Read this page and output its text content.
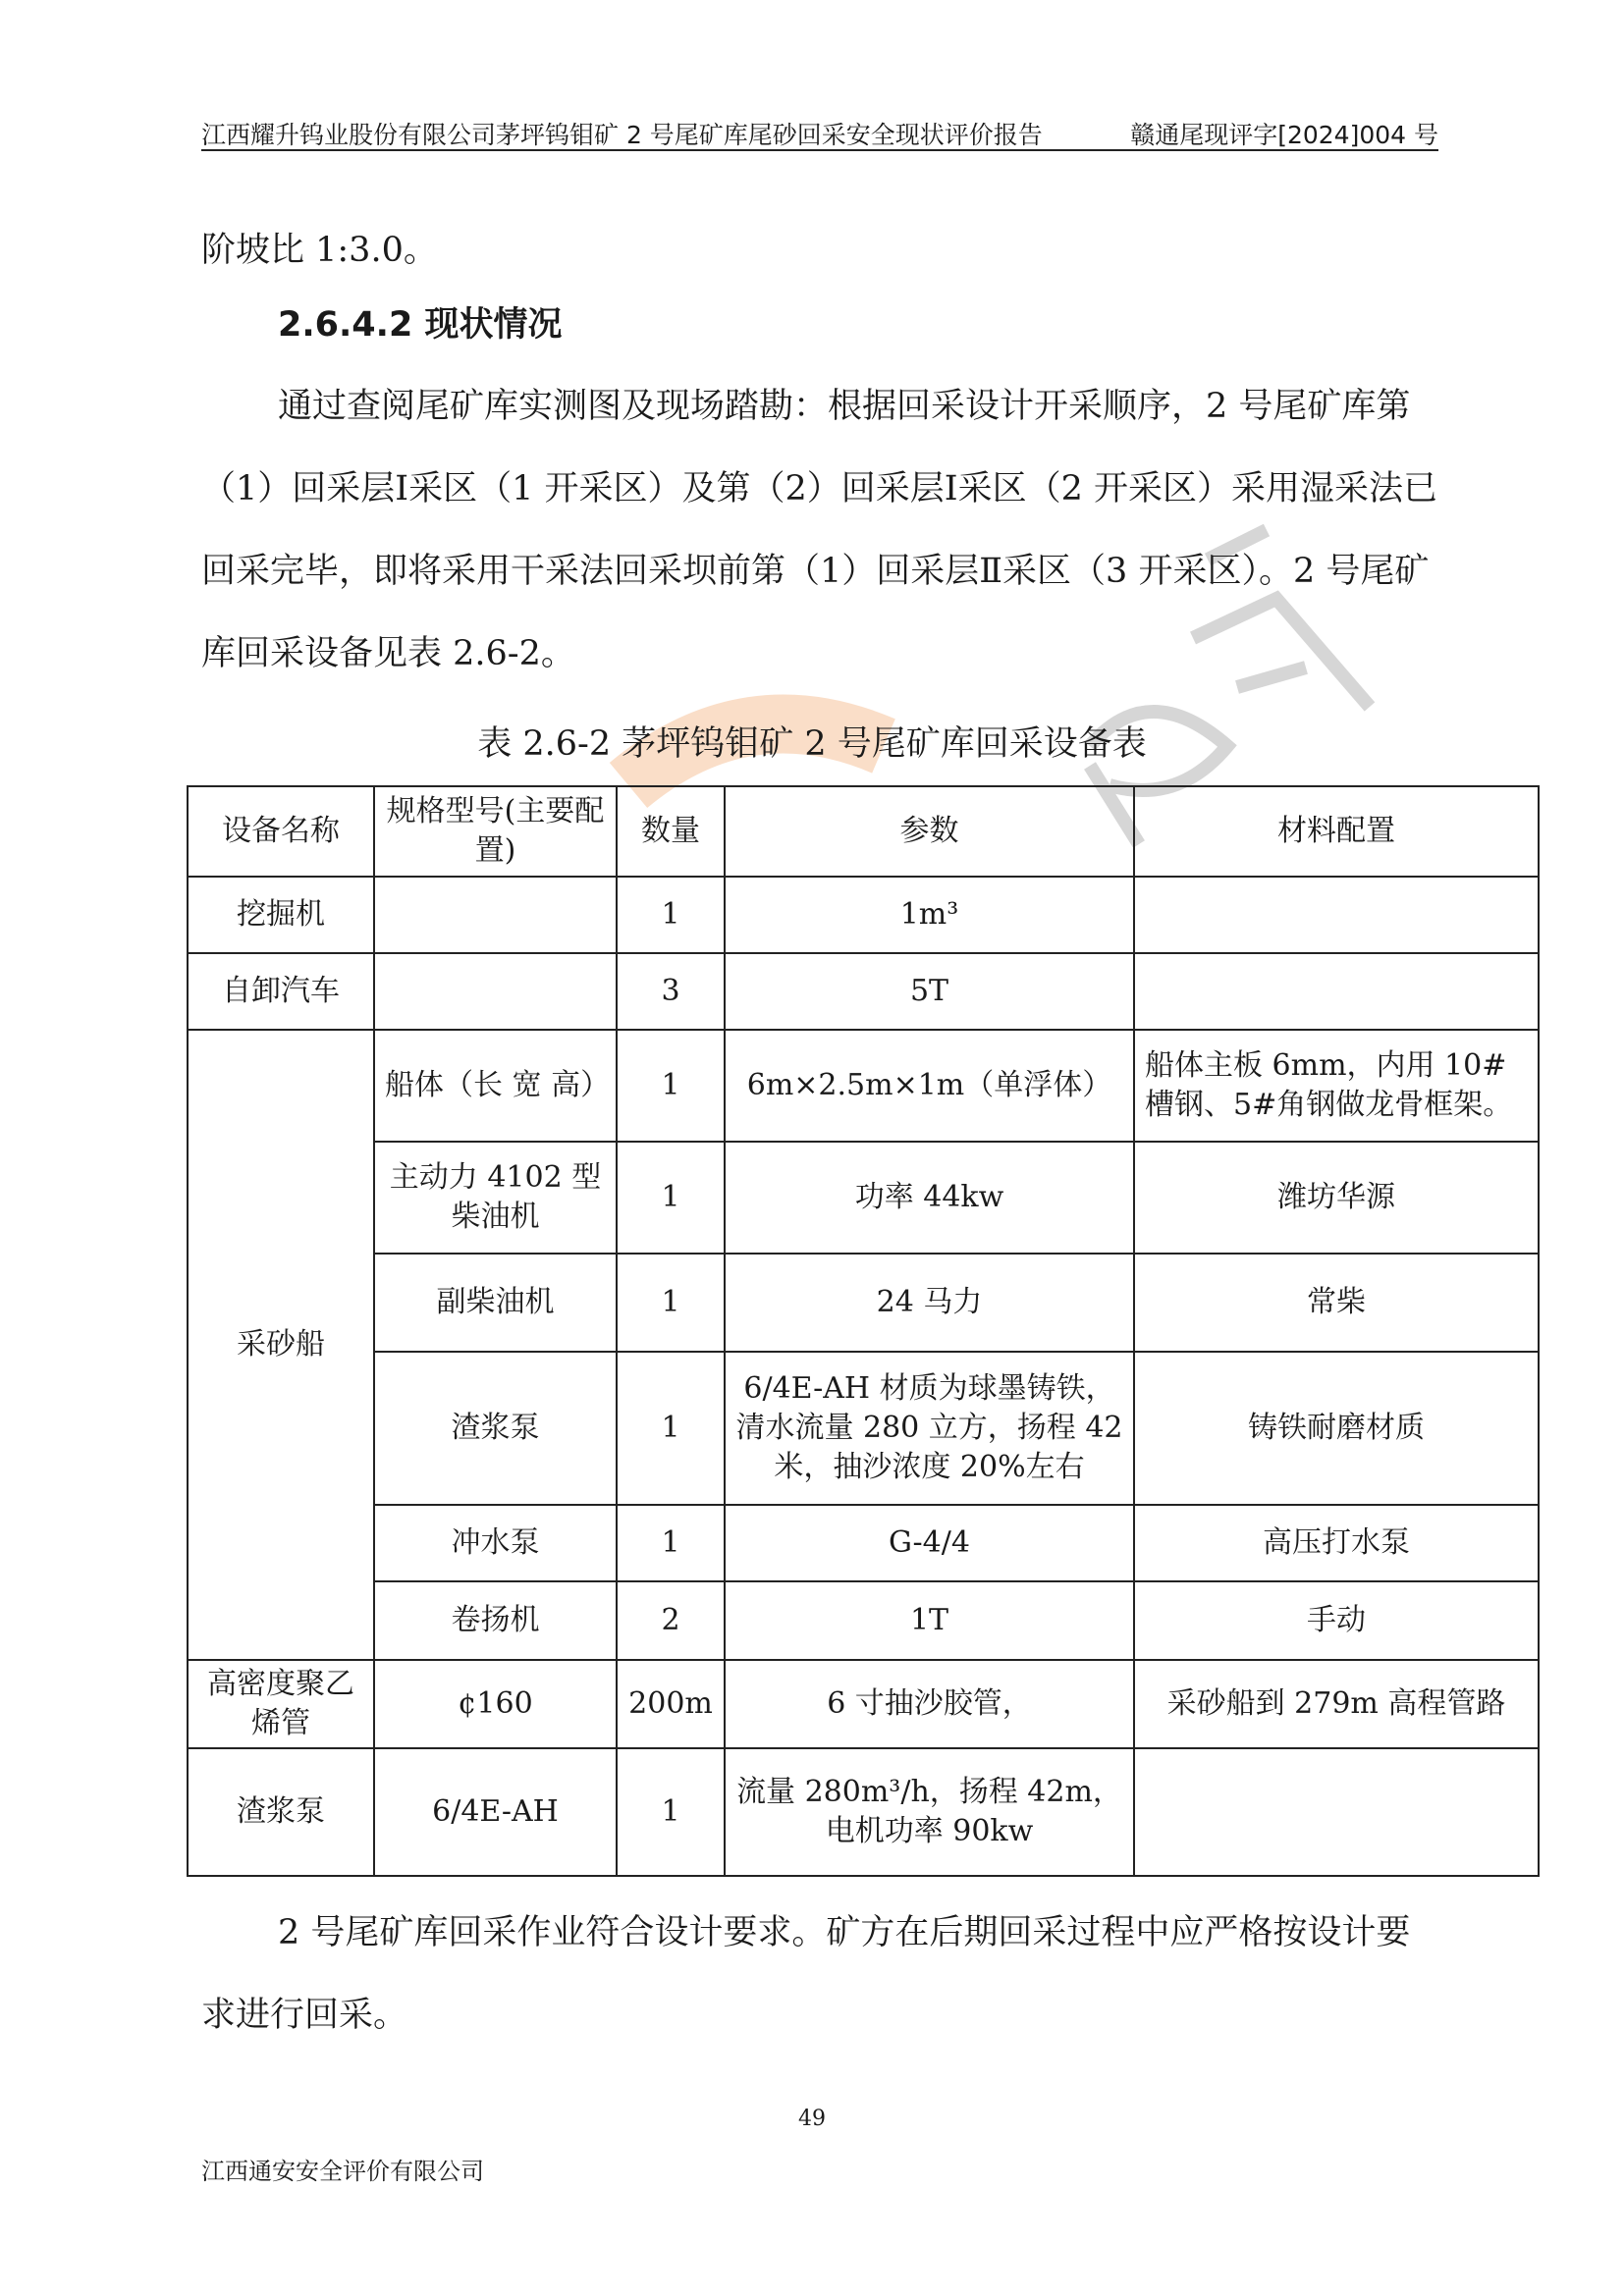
江西耀升钨业股份有限公司茅坪钨钼矿 2 号尾矿库尾砂回采安全现状评价报告	赣通尾现评字[2024]004 号

阶坡比 1:3.0。

2.6.4.2 现状情况

通过查阅尾矿库实测图及现场踏勘：根据回采设计开采顺序，2 号尾矿库第（1）回采层Ⅰ采区（1 开采区）及第（2）回采层Ⅰ采区（2 开采区）采用湿采法已回采完毕，即将采用干采法回采坝前第（1）回采层Ⅱ采区（3 开采区）。2 号尾矿库回采设备见表 2.6-2。

表 2.6-2 茅坪钨钼矿 2 号尾矿库回采设备表
设备名称	规格型号(主要配置)	数量	参数	材料配置
挖掘机		1	1m³	
自卸汽车		3	5T	
采砂船	船体（长 宽 高）	1	6m×2.5m×1m（单浮体）	船体主板 6mm，内用 10#槽钢、5#角钢做龙骨框架。
	主动力 4102 型柴油机	1	功率 44kw	潍坊华源
	副柴油机	1	24 马力	常柴
	渣浆泵	1	6/4E-AH 材质为球墨铸铁，清水流量 280 立方，扬程 42 米，抽沙浓度 20%左右	铸铁耐磨材质
	冲水泵	1	G-4/4	高压打水泵
	卷扬机	2	1T	手动
高密度聚乙烯管	¢160	200m	6 寸抽沙胶管，	采砂船到 279m 高程管路
渣浆泵	6/4E-AH	1	流量 280m³/h，扬程 42m，电机功率 90kw	

2 号尾矿库回采作业符合设计要求。矿方在后期回采过程中应严格按设计要求进行回采。

49
江西通安安全评价有限公司
